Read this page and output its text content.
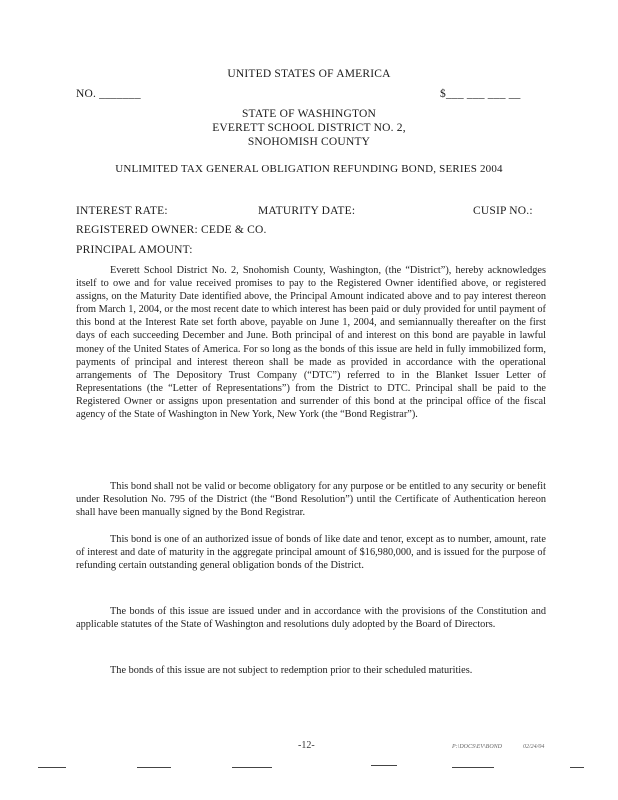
UNITED STATES OF AMERICA
NO. _______	$___ ___ ___ __
STATE OF WASHINGTON
EVERETT SCHOOL DISTRICT NO. 2,
SNOHOMISH COUNTY
UNLIMITED TAX GENERAL OBLIGATION REFUNDING BOND, SERIES 2004
INTEREST RATE:	MATURITY DATE:	CUSIP NO.:
REGISTERED OWNER: CEDE & CO.
PRINCIPAL AMOUNT:
Everett School District No. 2, Snohomish County, Washington, (the “District”), hereby acknowledges itself to owe and for value received promises to pay to the Registered Owner identified above, or registered assigns, on the Maturity Date identified above, the Principal Amount indicated above and to pay interest thereon from March 1, 2004, or the most recent date to which interest has been paid or duly provided for until payment of this bond at the Interest Rate set forth above, payable on June 1, 2004, and semiannually thereafter on the first days of each succeeding December and June. Both principal of and interest on this bond are payable in lawful money of the United States of America. For so long as the bonds of this issue are held in fully immobilized form, payments of principal and interest thereon shall be made as provided in accordance with the operational arrangements of The Depository Trust Company (“DTC”) referred to in the Blanket Issuer Letter of Representations (the “Letter of Representations”) from the District to DTC. Principal shall be paid to the Registered Owner or assigns upon presentation and surrender of this bond at the principal office of the fiscal agency of the State of Washington in New York, New York (the “Bond Registrar”).
This bond shall not be valid or become obligatory for any purpose or be entitled to any security or benefit under Resolution No. 795 of the District (the “Bond Resolution”) until the Certificate of Authentication hereon shall have been manually signed by the Bond Registrar.
This bond is one of an authorized issue of bonds of like date and tenor, except as to number, amount, rate of interest and date of maturity in the aggregate principal amount of $16,980,000, and is issued for the purpose of refunding certain outstanding general obligation bonds of the District.
The bonds of this issue are issued under and in accordance with the provisions of the Constitution and applicable statutes of the State of Washington and resolutions duly adopted by the Board of Directors.
The bonds of this issue are not subject to redemption prior to their scheduled maturities.
-12-	P:\DOCS\EV\BOND	02/24/04
